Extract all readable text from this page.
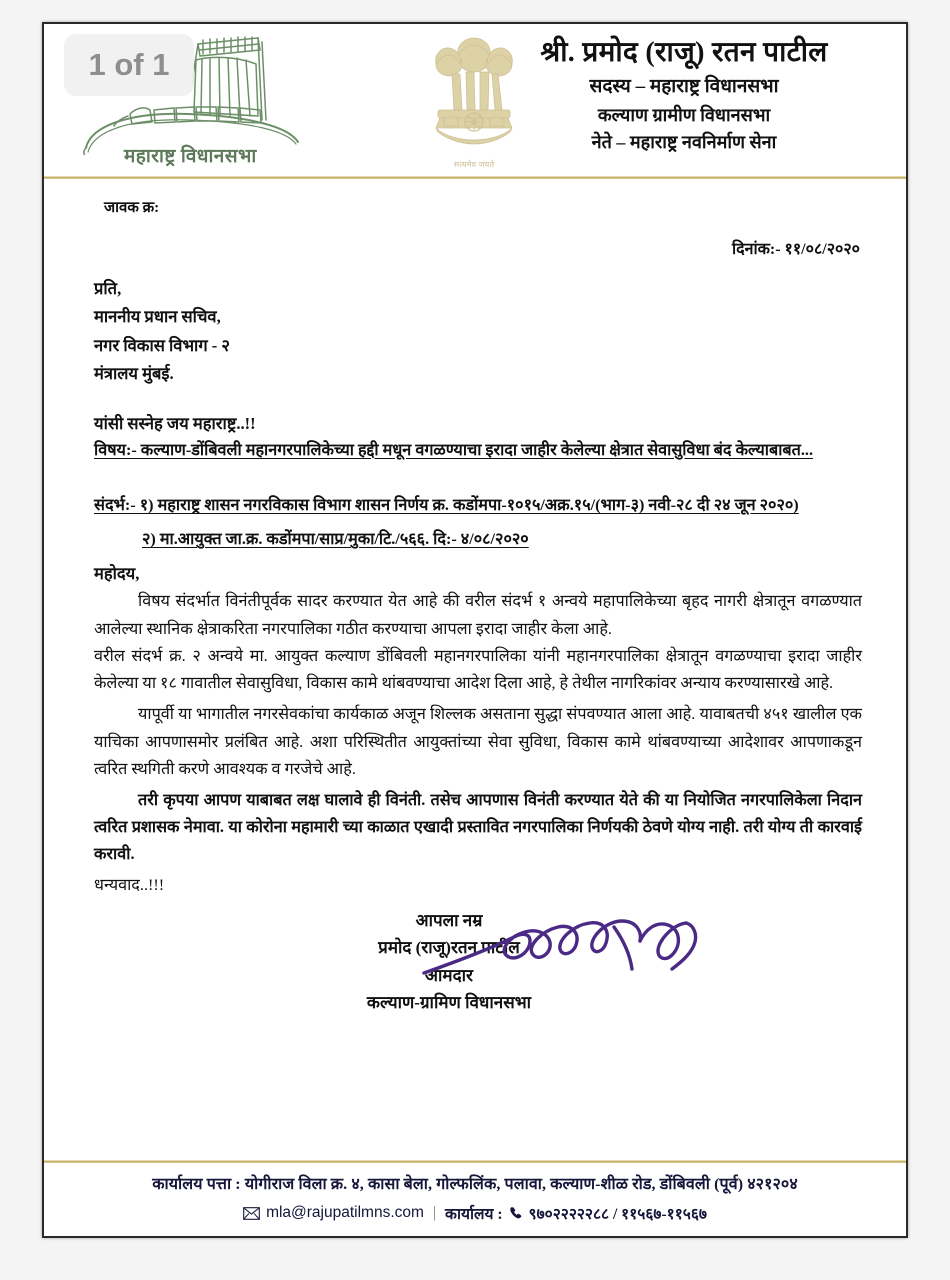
महाराष्ट्र विधानसभा	सत्यमेव जयते
श्री. प्रमोद (राजू) रतन पाटील
सदस्य – महाराष्ट्र विधानसभा
कल्याण ग्रामीण विधानसभा
नेते – महाराष्ट्र नवनिर्माण सेना
1 of 1
जावक क्र:
दिनांक:- ११/०८/२०२०
प्रति,
माननीय प्रधान सचिव,
नगर विकास विभाग - २
मंत्रालय मुंबई.
यांसी सस्नेह जय महाराष्ट्र..!!
विषय:- कल्याण-डोंबिवली महानगरपालिकेच्या हद्दी मधून वगळण्याचा इरादा जाहीर केलेल्या क्षेत्रात सेवासुविधा बंद केल्याबाबत...
संदर्भ:- १) महाराष्ट्र शासन नगरविकास विभाग शासन निर्णय क्र. कडोंमपा-१०१५/अक्र.१५/(भाग-३) नवी-२८ दी २४ जून २०२०)
२) मा.आयुक्त जा.क्र. कडोंमपा/साप्र/मुका/टि./५६६. दि:- ४/०८/२०२०
महोदय,
विषय संदर्भात विनंतीपूर्वक सादर करण्यात येत आहे की वरील संदर्भ १ अन्वये महापालिकेच्या बृहद नागरी क्षेत्रातून वगळण्यात आलेल्या स्थानिक क्षेत्राकरिता नगरपालिका गठीत करण्याचा आपला इरादा जाहीर केला आहे.
वरील संदर्भ क्र. २ अन्वये मा. आयुक्त कल्याण डोंबिवली महानगरपालिका यांनी महानगरपालिका क्षेत्रातून वगळण्याचा इरादा जाहीर केलेल्या या १८ गावातील सेवासुविधा, विकास कामे थांबवण्याचा आदेश दिला आहे, हे तेथील नागरिकांवर अन्याय करण्यासारखे आहे.
यापूर्वी या भागातील नगरसेवकांचा कार्यकाळ अजून शिल्लक असताना सुद्धा संपवण्यात आला आहे. यावाबतची ४५१ खालील एक याचिका आपणासमोर प्रलंबित आहे. अशा परिस्थितीत आयुक्तांच्या सेवा सुविधा, विकास कामे थांबवण्याच्या आदेशावर आपणाकडून त्वरित स्थगिती करणे आवश्यक व गरजेचे आहे.
तरी कृपया आपण याबाबत लक्ष घालावे ही विनंती. तसेच आपणास विनंती करण्यात येते की या नियोजित नगरपालिकेला निदान त्वरित प्रशासक नेमावा. या कोरोना महामारी च्या काळात एखादी प्रस्तावित नगरपालिका निर्णयकी ठेवणे योग्य नाही. तरी योग्य ती कारवाई करावी.
धन्यवाद..!!!
आपला नम्र
प्रमोद (राजू)रतन पाटील
आमदार
कल्याण-ग्रामिण विधानसभा
कार्यालय पत्ता : योगीराज विला क्र. ४, कासा बेला, गोल्फलिंक, पलावा, कल्याण-शीळ रोड, डोंबिवली (पूर्व) ४२१२०४
mla@rajupatilmns.com | कार्यालय : ९७०२२२२२८८ / ११५६७-११५६७
